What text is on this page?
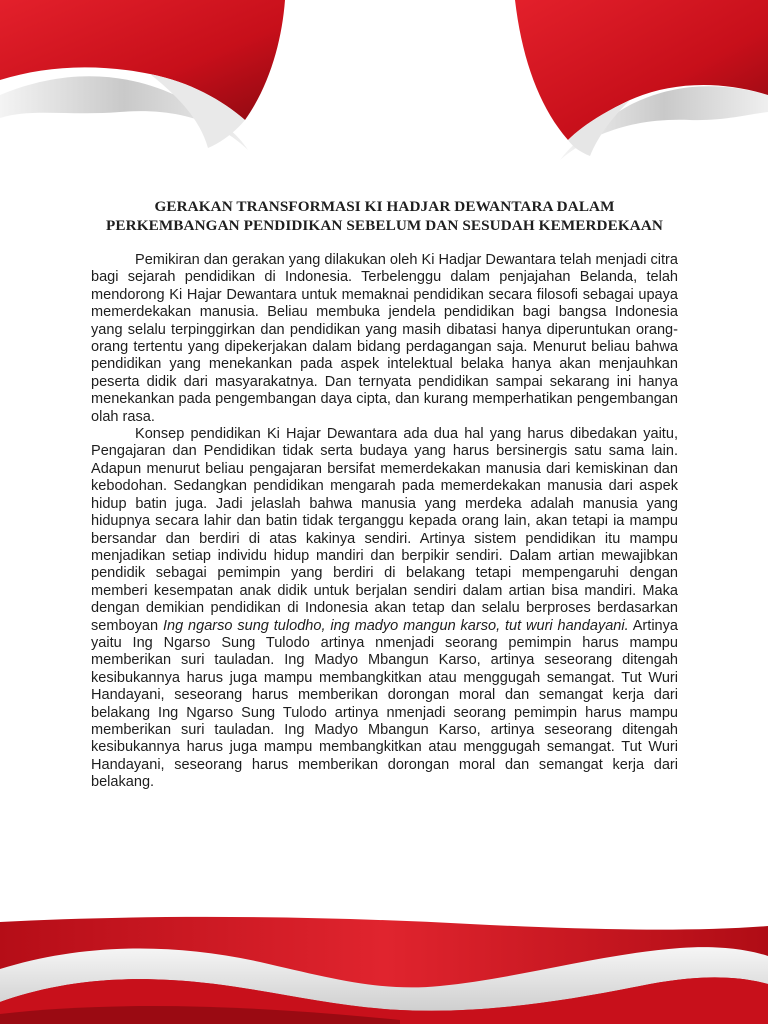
GERAKAN TRANSFORMASI KI HADJAR DEWANTARA DALAM
PERKEMBANGAN PENDIDIKAN SEBELUM DAN SESUDAH KEMERDEKAAN

Pemikiran dan gerakan yang dilakukan oleh Ki Hadjar Dewantara telah menjadi citra bagi sejarah pendidikan di Indonesia. Terbelenggu dalam penjajahan Belanda, telah mendorong Ki Hajar Dewantara untuk memaknai pendidikan secara filosofi sebagai upaya memerdekakan manusia. Beliau membuka jendela pendidikan bagi bangsa Indonesia yang selalu terpinggirkan dan pendidikan yang masih dibatasi hanya diperuntukan orang-orang tertentu yang dipekerjakan dalam bidang perdagangan saja. Menurut beliau bahwa pendidikan yang menekankan pada aspek intelektual belaka hanya akan menjauhkan peserta didik dari masyarakatnya. Dan ternyata pendidikan sampai sekarang ini hanya menekankan pada pengembangan daya cipta, dan kurang memperhatikan pengembangan olah rasa.

Konsep pendidikan Ki Hajar Dewantara ada dua hal yang harus dibedakan yaitu, Pengajaran dan Pendidikan tidak serta budaya yang harus bersinergis satu sama lain. Adapun menurut beliau pengajaran bersifat memerdekakan manusia dari kemiskinan dan kebodohan. Sedangkan pendidikan mengarah pada memerdekakan manusia dari aspek hidup batin juga. Jadi jelaslah bahwa manusia yang merdeka adalah manusia yang hidupnya secara lahir dan batin tidak terganggu kepada orang lain, akan tetapi ia mampu bersandar dan berdiri di atas kakinya sendiri. Artinya sistem pendidikan itu mampu menjadikan setiap individu hidup mandiri dan berpikir sendiri. Dalam artian mewajibkan pendidik sebagai pemimpin yang berdiri di belakang tetapi mempengaruhi dengan memberi kesempatan anak didik untuk berjalan sendiri dalam artian bisa mandiri. Maka dengan demikian pendidikan di Indonesia akan tetap dan selalu berproses berdasarkan semboyan Ing ngarso sung tulodho, ing madyo mangun karso, tut wuri handayani. Artinya yaitu Ing Ngarso Sung Tulodo artinya nmenjadi seorang pemimpin harus mampu memberikan suri tauladan. Ing Madyo Mbangun Karso, artinya seseorang ditengah kesibukannya harus juga mampu membangkitkan atau menggugah semangat. Tut Wuri Handayani, seseorang harus memberikan dorongan moral dan semangat kerja dari belakang Ing Ngarso Sung Tulodo artinya nmenjadi seorang pemimpin harus mampu memberikan suri tauladan. Ing Madyo Mbangun Karso, artinya seseorang ditengah kesibukannya harus juga mampu membangkitkan atau menggugah semangat. Tut Wuri Handayani, seseorang harus memberikan dorongan moral dan semangat kerja dari belakang.
